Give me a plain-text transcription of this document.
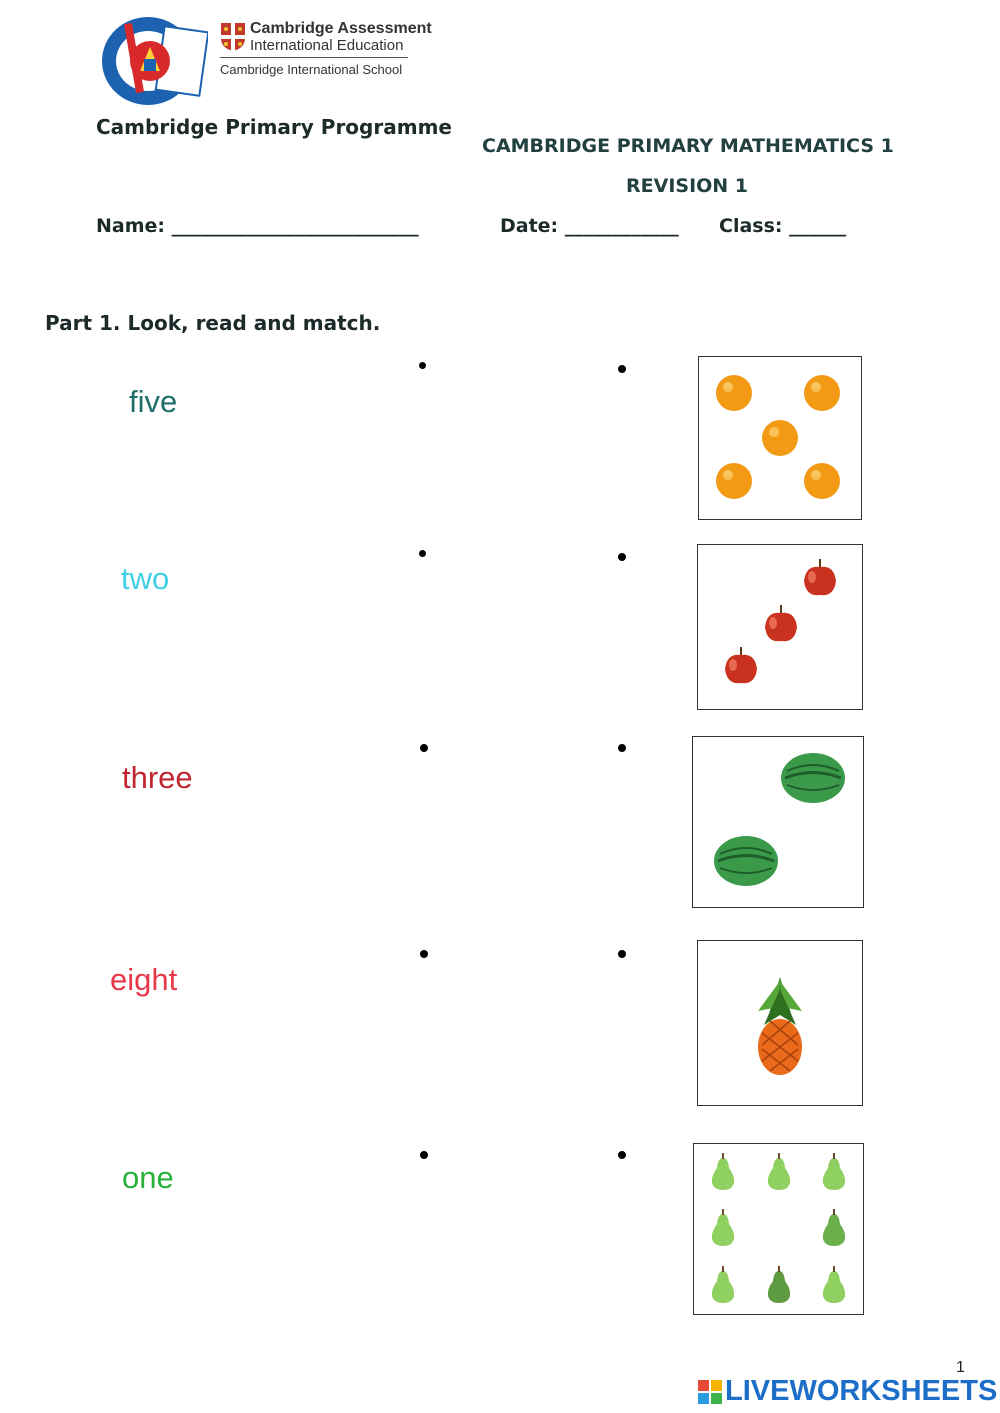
Cambridge Assessment
International Education
Cambridge International School
Cambridge Primary Programme
CAMBRIDGE PRIMARY MATHEMATICS 1
REVISION 1
Name: __________________________	Date: ____________ Class: ______
Part 1. Look, read and match.
five
two
three
eight
one
1
LIVEWORKSHEETS
